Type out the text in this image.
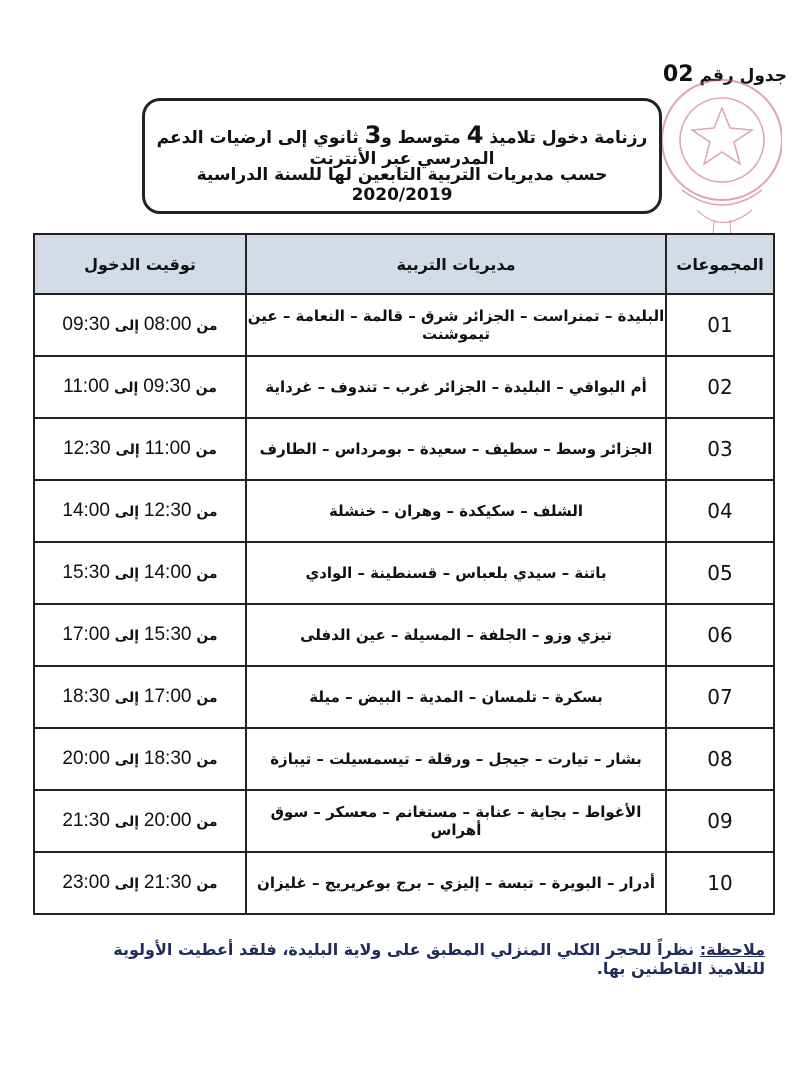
جدول رقم 02
رزنامة دخول تلاميذ 4 متوسط و3 ثانوي إلى ارضيات الدعم المدرسي عبر الأنترنت
حسب مديريات التربية التابعين لها للسنة الدراسية 2020/2019
المجموعات	مديريات التربية	توقيت الدخول
01	البليدة – تمنراست – الجزائر شرق – قالمة – النعامة – عين تيموشنت	من 08:00 إلى 09:30
02	أم البواقي – البليدة – الجزائر غرب – تندوف – غرداية	من 09:30 إلى 11:00
03	الجزائر وسط – سطيف – سعيدة – بومرداس – الطارف	من 11:00 إلى 12:30
04	الشلف – سكيكدة – وهران – خنشلة	من 12:30 إلى 14:00
05	باتنة – سيدي بلعباس – قسنطينة – الوادي	من 14:00 إلى 15:30
06	تيزي وزو – الجلفة – المسيلة – عين الدفلى	من 15:30 إلى 17:00
07	بسكرة – تلمسان – المدية – البيض – ميلة	من 17:00 إلى 18:30
08	بشار – تيارت – جيجل – ورقلة – تيسمسيلت – تيبازة	من 18:30 إلى 20:00
09	الأغواط – بجاية – عنابة – مستغانم – معسكر – سوق أهراس	من 20:00 إلى 21:30
10	أدرار – البويرة – تبسة – إليزي – برج بوعريريج – غليزان	من 21:30 إلى 23:00
ملاحظة: نظراً للحجر الكلي المنزلي المطبق على ولاية البليدة، فلقد أعطيت الأولوية للتلاميذ القاطنين بها.
